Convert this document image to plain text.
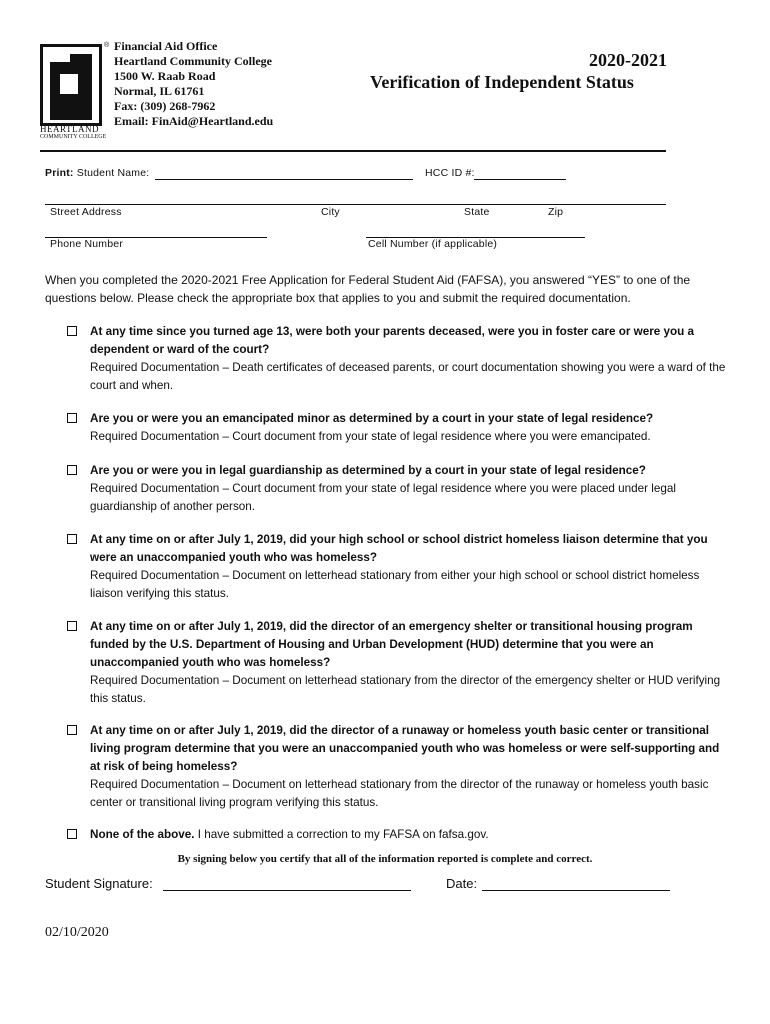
®
HEARTLAND
COMMUNITY COLLEGE
Financial Aid Office
Heartland Community College
1500 W. Raab Road
Normal, IL 61761
Fax: (309) 268-7962
Email: FinAid@Heartland.edu
2020-2021
Verification of Independent Status
Print: Student Name:	HCC ID #:
Street Address	City	State	Zip
Phone Number	Cell Number (if applicable)
When you completed the 2020-2021 Free Application for Federal Student Aid (FAFSA), you answered “YES” to one of the questions below. Please check the appropriate box that applies to you and submit the required documentation.
At any time since you turned age 13, were both your parents deceased, were you in foster care or were you a dependent or ward of the court?
Required Documentation – Death certificates of deceased parents, or court documentation showing you were a ward of the court and when.
Are you or were you an emancipated minor as determined by a court in your state of legal residence?
Required Documentation – Court document from your state of legal residence where you were emancipated.
Are you or were you in legal guardianship as determined by a court in your state of legal residence?
Required Documentation – Court document from your state of legal residence where you were placed under legal guardianship of another person.
At any time on or after July 1, 2019, did your high school or school district homeless liaison determine that you were an unaccompanied youth who was homeless?
Required Documentation – Document on letterhead stationary from either your high school or school district homeless liaison verifying this status.
At any time on or after July 1, 2019, did the director of an emergency shelter or transitional housing program funded by the U.S. Department of Housing and Urban Development (HUD) determine that you were an unaccompanied youth who was homeless?
Required Documentation – Document on letterhead stationary from the director of the emergency shelter or HUD verifying this status.
At any time on or after July 1, 2019, did the director of a runaway or homeless youth basic center or transitional living program determine that you were an unaccompanied youth who was homeless or were self-supporting and at risk of being homeless?
Required Documentation – Document on letterhead stationary from the director of the runaway or homeless youth basic center or transitional living program verifying this status.
None of the above. I have submitted a correction to my FAFSA on fafsa.gov.
By signing below you certify that all of the information reported is complete and correct.
Student Signature:	Date:
02/10/2020
